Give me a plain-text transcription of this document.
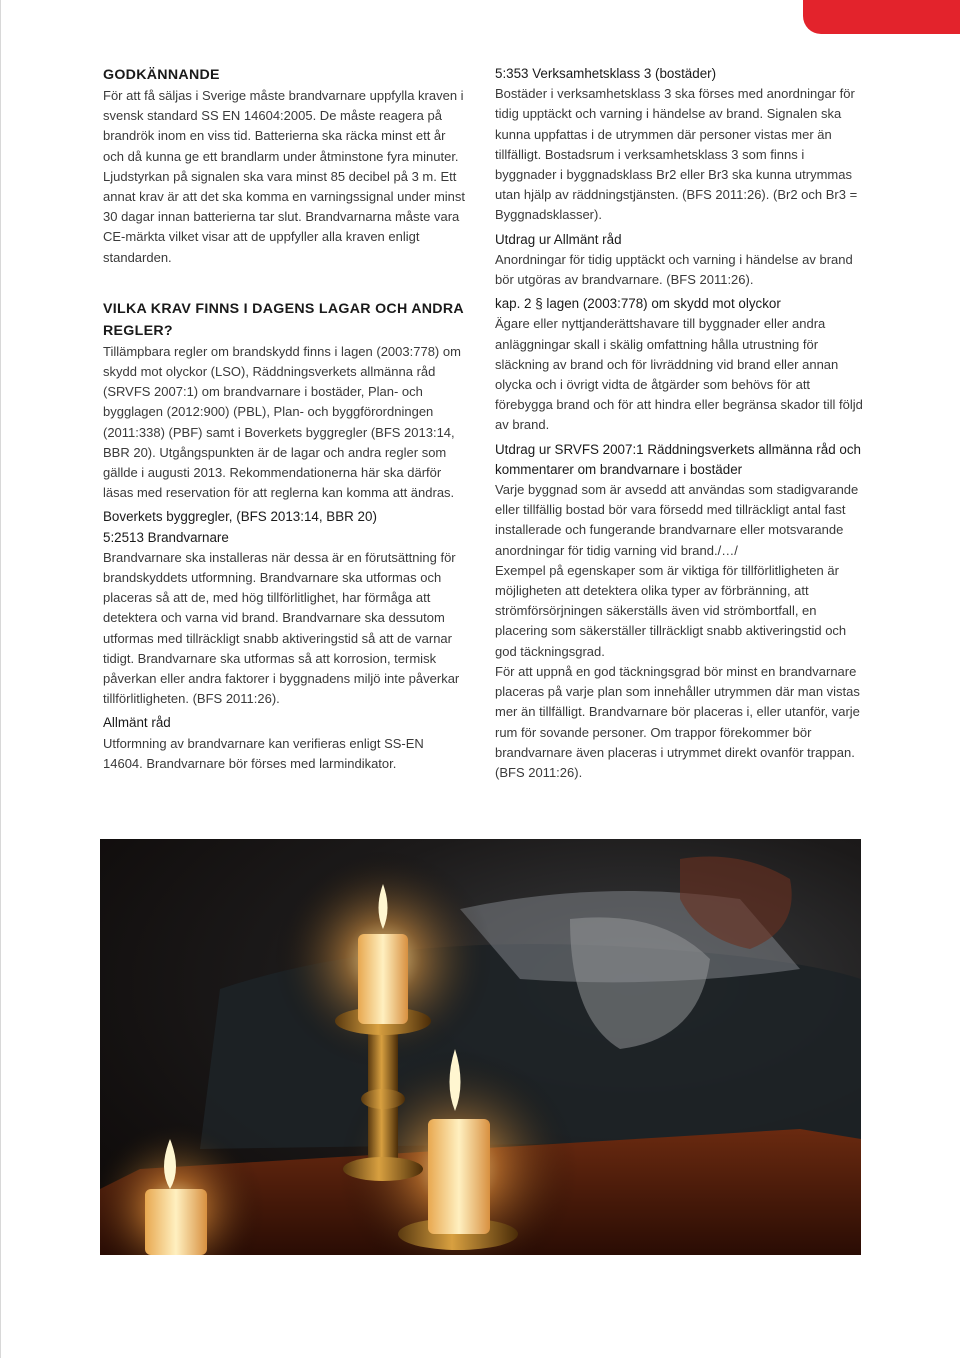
GODKÄNNANDE

För att få säljas i Sverige måste brandvarnare uppfylla kraven i svensk standard SS EN 14604:2005. De måste reagera på brandrök inom en viss tid. Batterierna ska räcka minst ett år och då kunna ge ett brandlarm under åtminstone fyra minuter. Ljudstyrkan på signalen ska vara minst 85 decibel på 3 m. Ett annat krav är att det ska komma en varningssignal under minst 30 dagar innan batterierna tar slut. Brandvarnarna måste vara CE-märkta vilket visar att de uppfyller alla kraven enligt standarden.

VILKA KRAV FINNS I DAGENS LAGAR OCH ANDRA REGLER?

Tillämpbara regler om brandskydd finns i lagen (2003:778) om skydd mot olyckor (LSO), Räddningsverkets allmänna råd (SRVFS 2007:1) om brandvarnare i bostäder, Plan- och bygglagen (2012:900) (PBL), Plan- och byggförordningen (2011:338) (PBF) samt i Boverkets byggregler (BFS 2013:14, BBR 20). Utgångspunkten är de lagar och andra regler som gällde i augusti 2013. Rekommendationerna här ska därför läsas med reservation för att reglerna kan komma att ändras.

Boverkets byggregler, (BFS 2013:14, BBR 20)

5:2513 Brandvarnare

Brandvarnare ska installeras när dessa är en förutsättning för brandskyddets utformning. Brandvarnare ska utformas och placeras så att de, med hög tillförlitlighet, har förmåga att detektera och varna vid brand. Brandvarnare ska dessutom utformas med tillräckligt snabb aktiveringstid så att de varnar tidigt. Brandvarnare ska utformas så att korrosion, termisk påverkan eller andra faktorer i byggnadens miljö inte påverkar tillförlitligheten. (BFS 2011:26).

Allmänt råd

Utformning av brandvarnare kan verifieras enligt SS-EN 14604. Brandvarnare bör förses med larmindikator.

5:353 Verksamhetsklass 3 (bostäder)

Bostäder i verksamhetsklass 3 ska förses med anordningar för tidig upptäckt och varning i händelse av brand. Signalen ska kunna uppfattas i de utrymmen där personer vistas mer än tillfälligt. Bostadsrum i verksamhetsklass 3 som finns i byggnader i byggnadsklass Br2 eller Br3 ska kunna utrymmas utan hjälp av räddningstjänsten. (BFS 2011:26). (Br2 och Br3 = Byggnadsklasser).

Utdrag ur Allmänt råd

Anordningar för tidig upptäckt och varning i händelse av brand bör utgöras av brandvarnare. (BFS 2011:26).

kap. 2 § lagen (2003:778) om skydd mot olyckor

Ägare eller nyttjanderättshavare till byggnader eller andra anläggningar skall i skälig omfattning hålla utrustning för släckning av brand och för livräddning vid brand eller annan olycka och i övrigt vidta de åtgärder som behövs för att förebygga brand och för att hindra eller begränsa skador till följd av brand.

Utdrag ur SRVFS 2007:1 Räddningsverkets allmänna råd och kommentarer om brandvarnare i bostäder

Varje byggnad som är avsedd att användas som stadigvarande eller tillfällig bostad bör vara försedd med tillräckligt antal fast installerade och fungerande brandvarnare eller motsvarande anordningar för tidig varning vid brand./…/

Exempel på egenskaper som är viktiga för tillförlitligheten är möjligheten att detektera olika typer av förbränning, att strömförsörjningen säkerställs även vid strömbortfall, en placering som säkerställer tillräckligt snabb aktiveringstid och god täckningsgrad.

För att uppnå en god täckningsgrad bör minst en brandvarnare placeras på varje plan som innehåller utrymmen där man vistas mer än tillfälligt. Brandvarnare bör placeras i, eller utanför, varje rum för sovande personer. Om trappor förekommer bör brandvarnare även placeras i utrymmet direkt ovanför trappan. (BFS 2011:26).
